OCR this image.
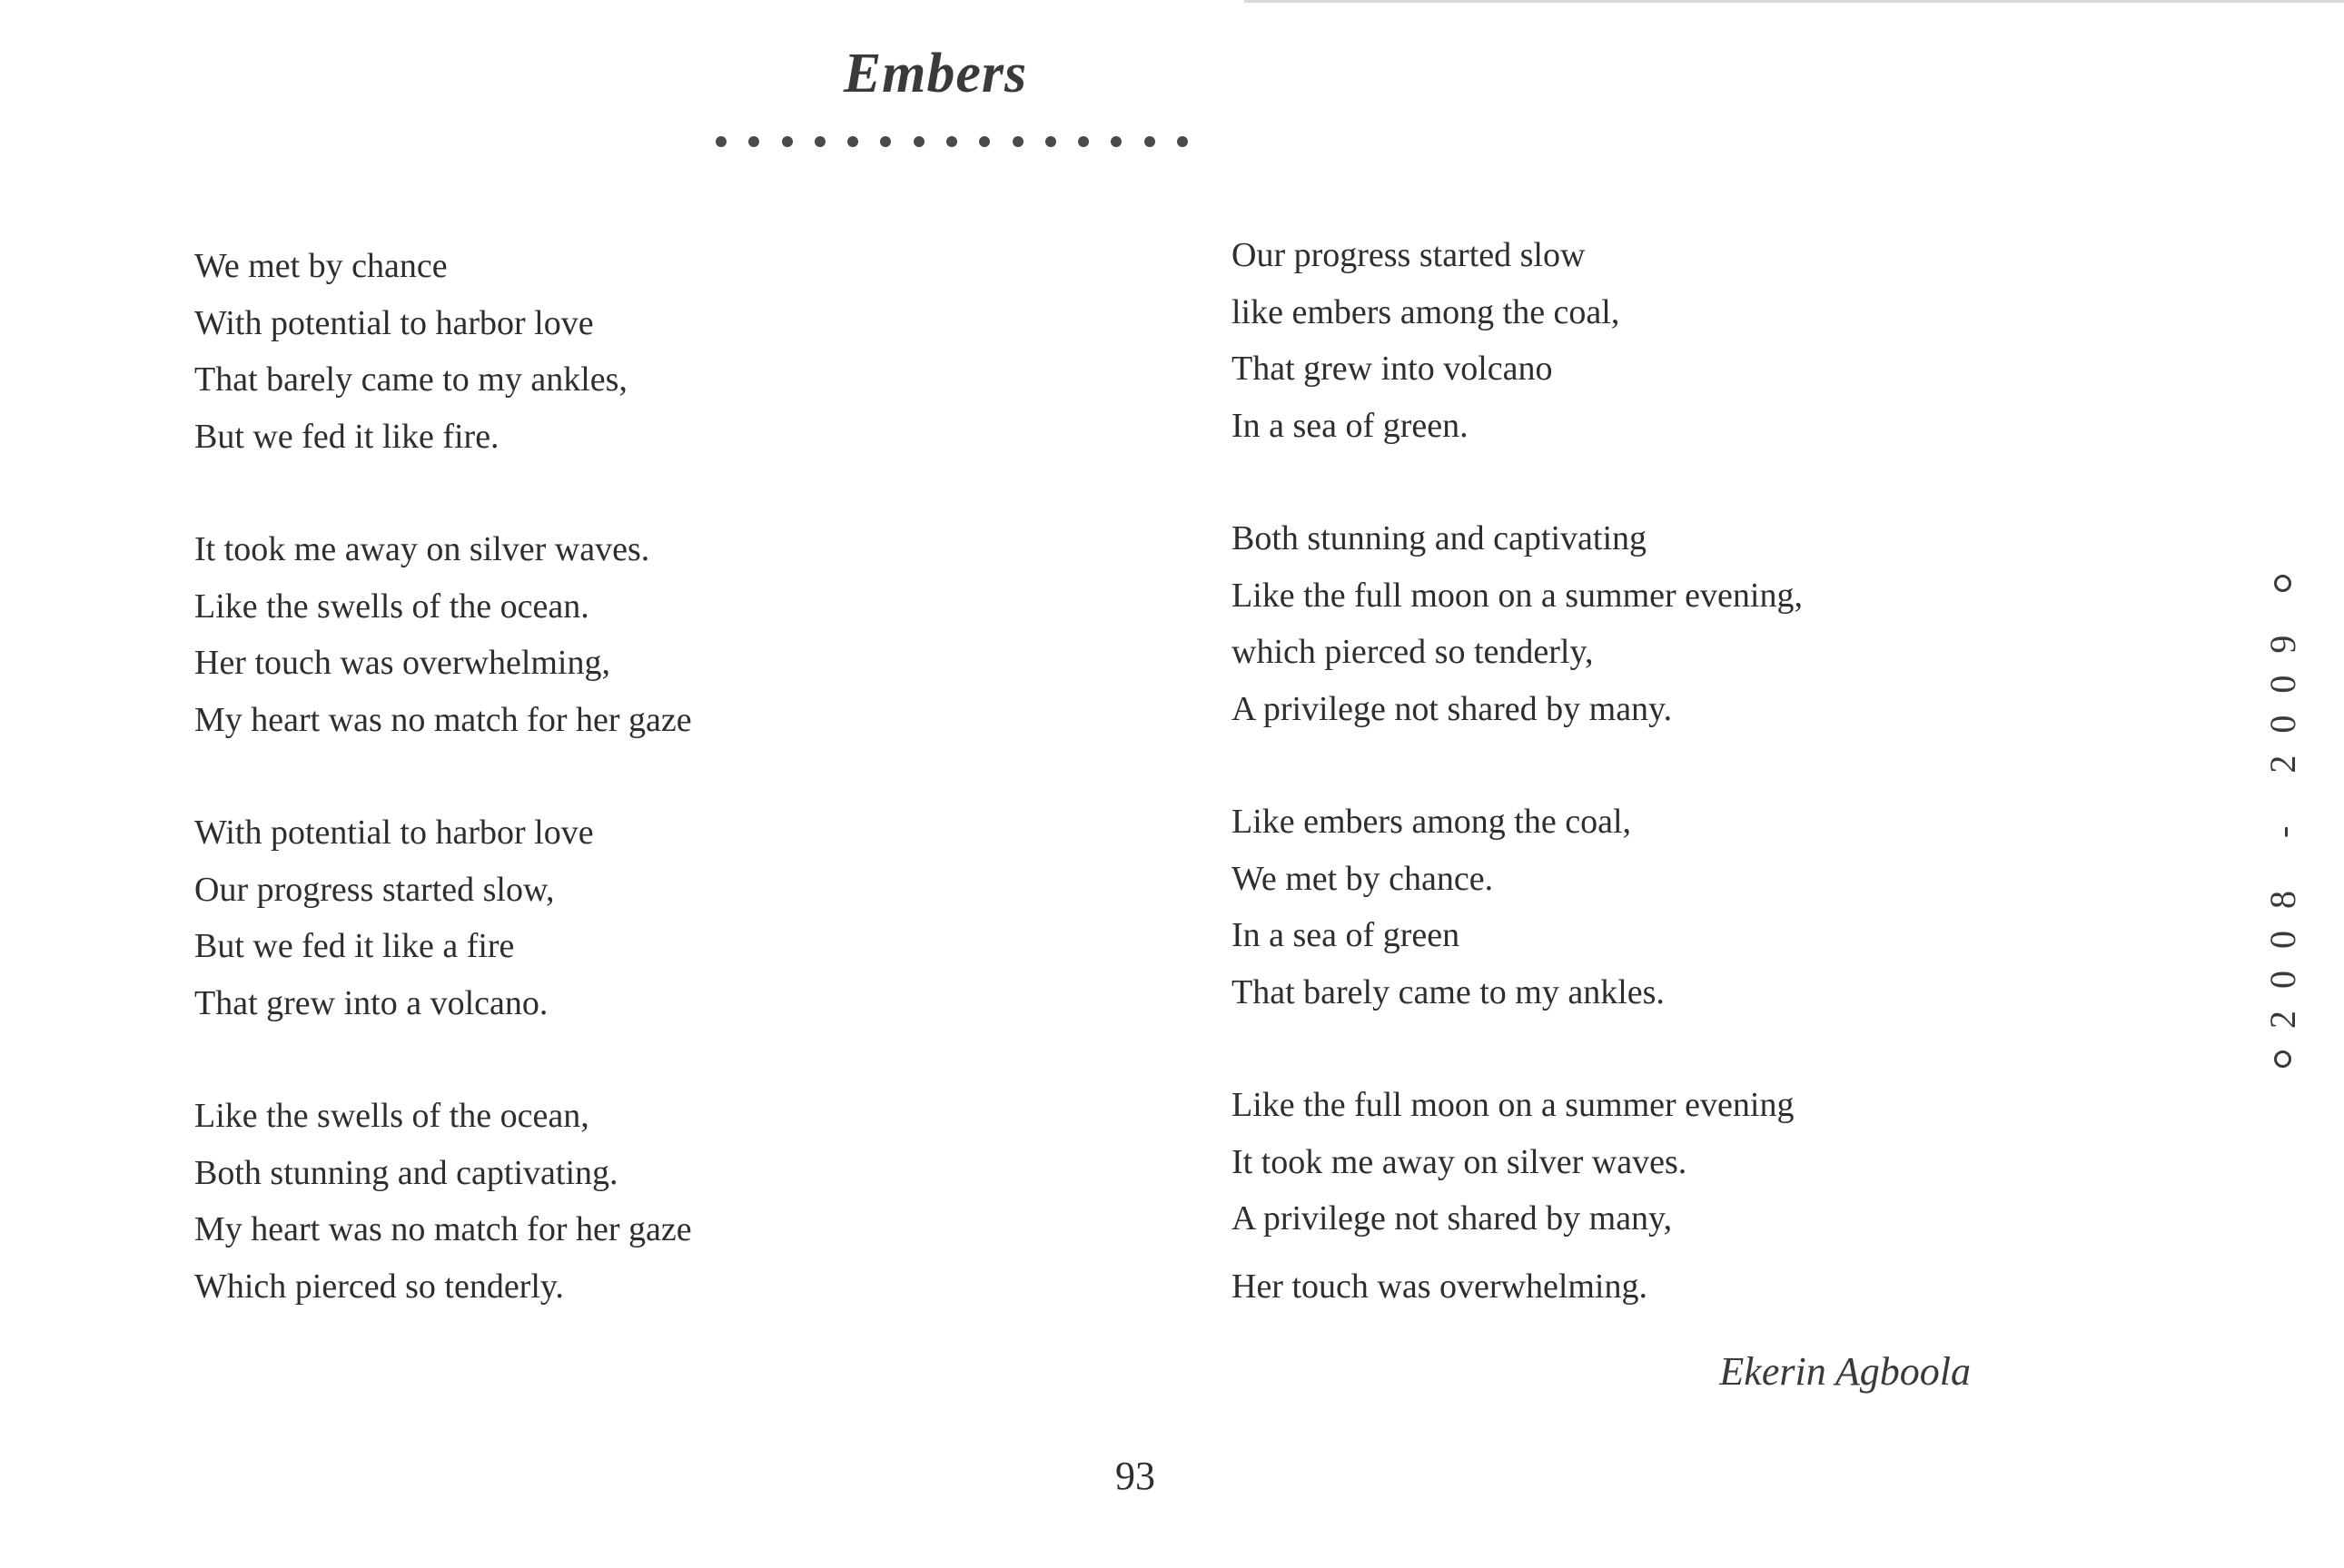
Embers
We met by chance
With potential to harbor love
That barely came to my ankles,
But we fed it like fire.
It took me away on silver waves.
Like the swells of the ocean.
Her touch was overwhelming,
My heart was no match for her gaze
With potential to harbor love
Our progress started slow,
But we fed it like a fire
That grew into a volcano.
Like the swells of the ocean,
Both stunning and captivating.
My heart was no match for her gaze
Which pierced so tenderly.
Our progress started slow
like embers among the coal,
That grew into volcano
In a sea of green.
Both stunning and captivating
Like the full moon on a summer evening,
which pierced so tenderly,
A privilege not shared by many.
Like embers among the coal,
We met by chance.
In a sea of green
That barely came to my ankles.
Like the full moon on a summer evening
It took me away on silver waves.
A privilege not shared by many,
Her touch was overwhelming.
Ekerin Agboola
93
2008 - 2009
